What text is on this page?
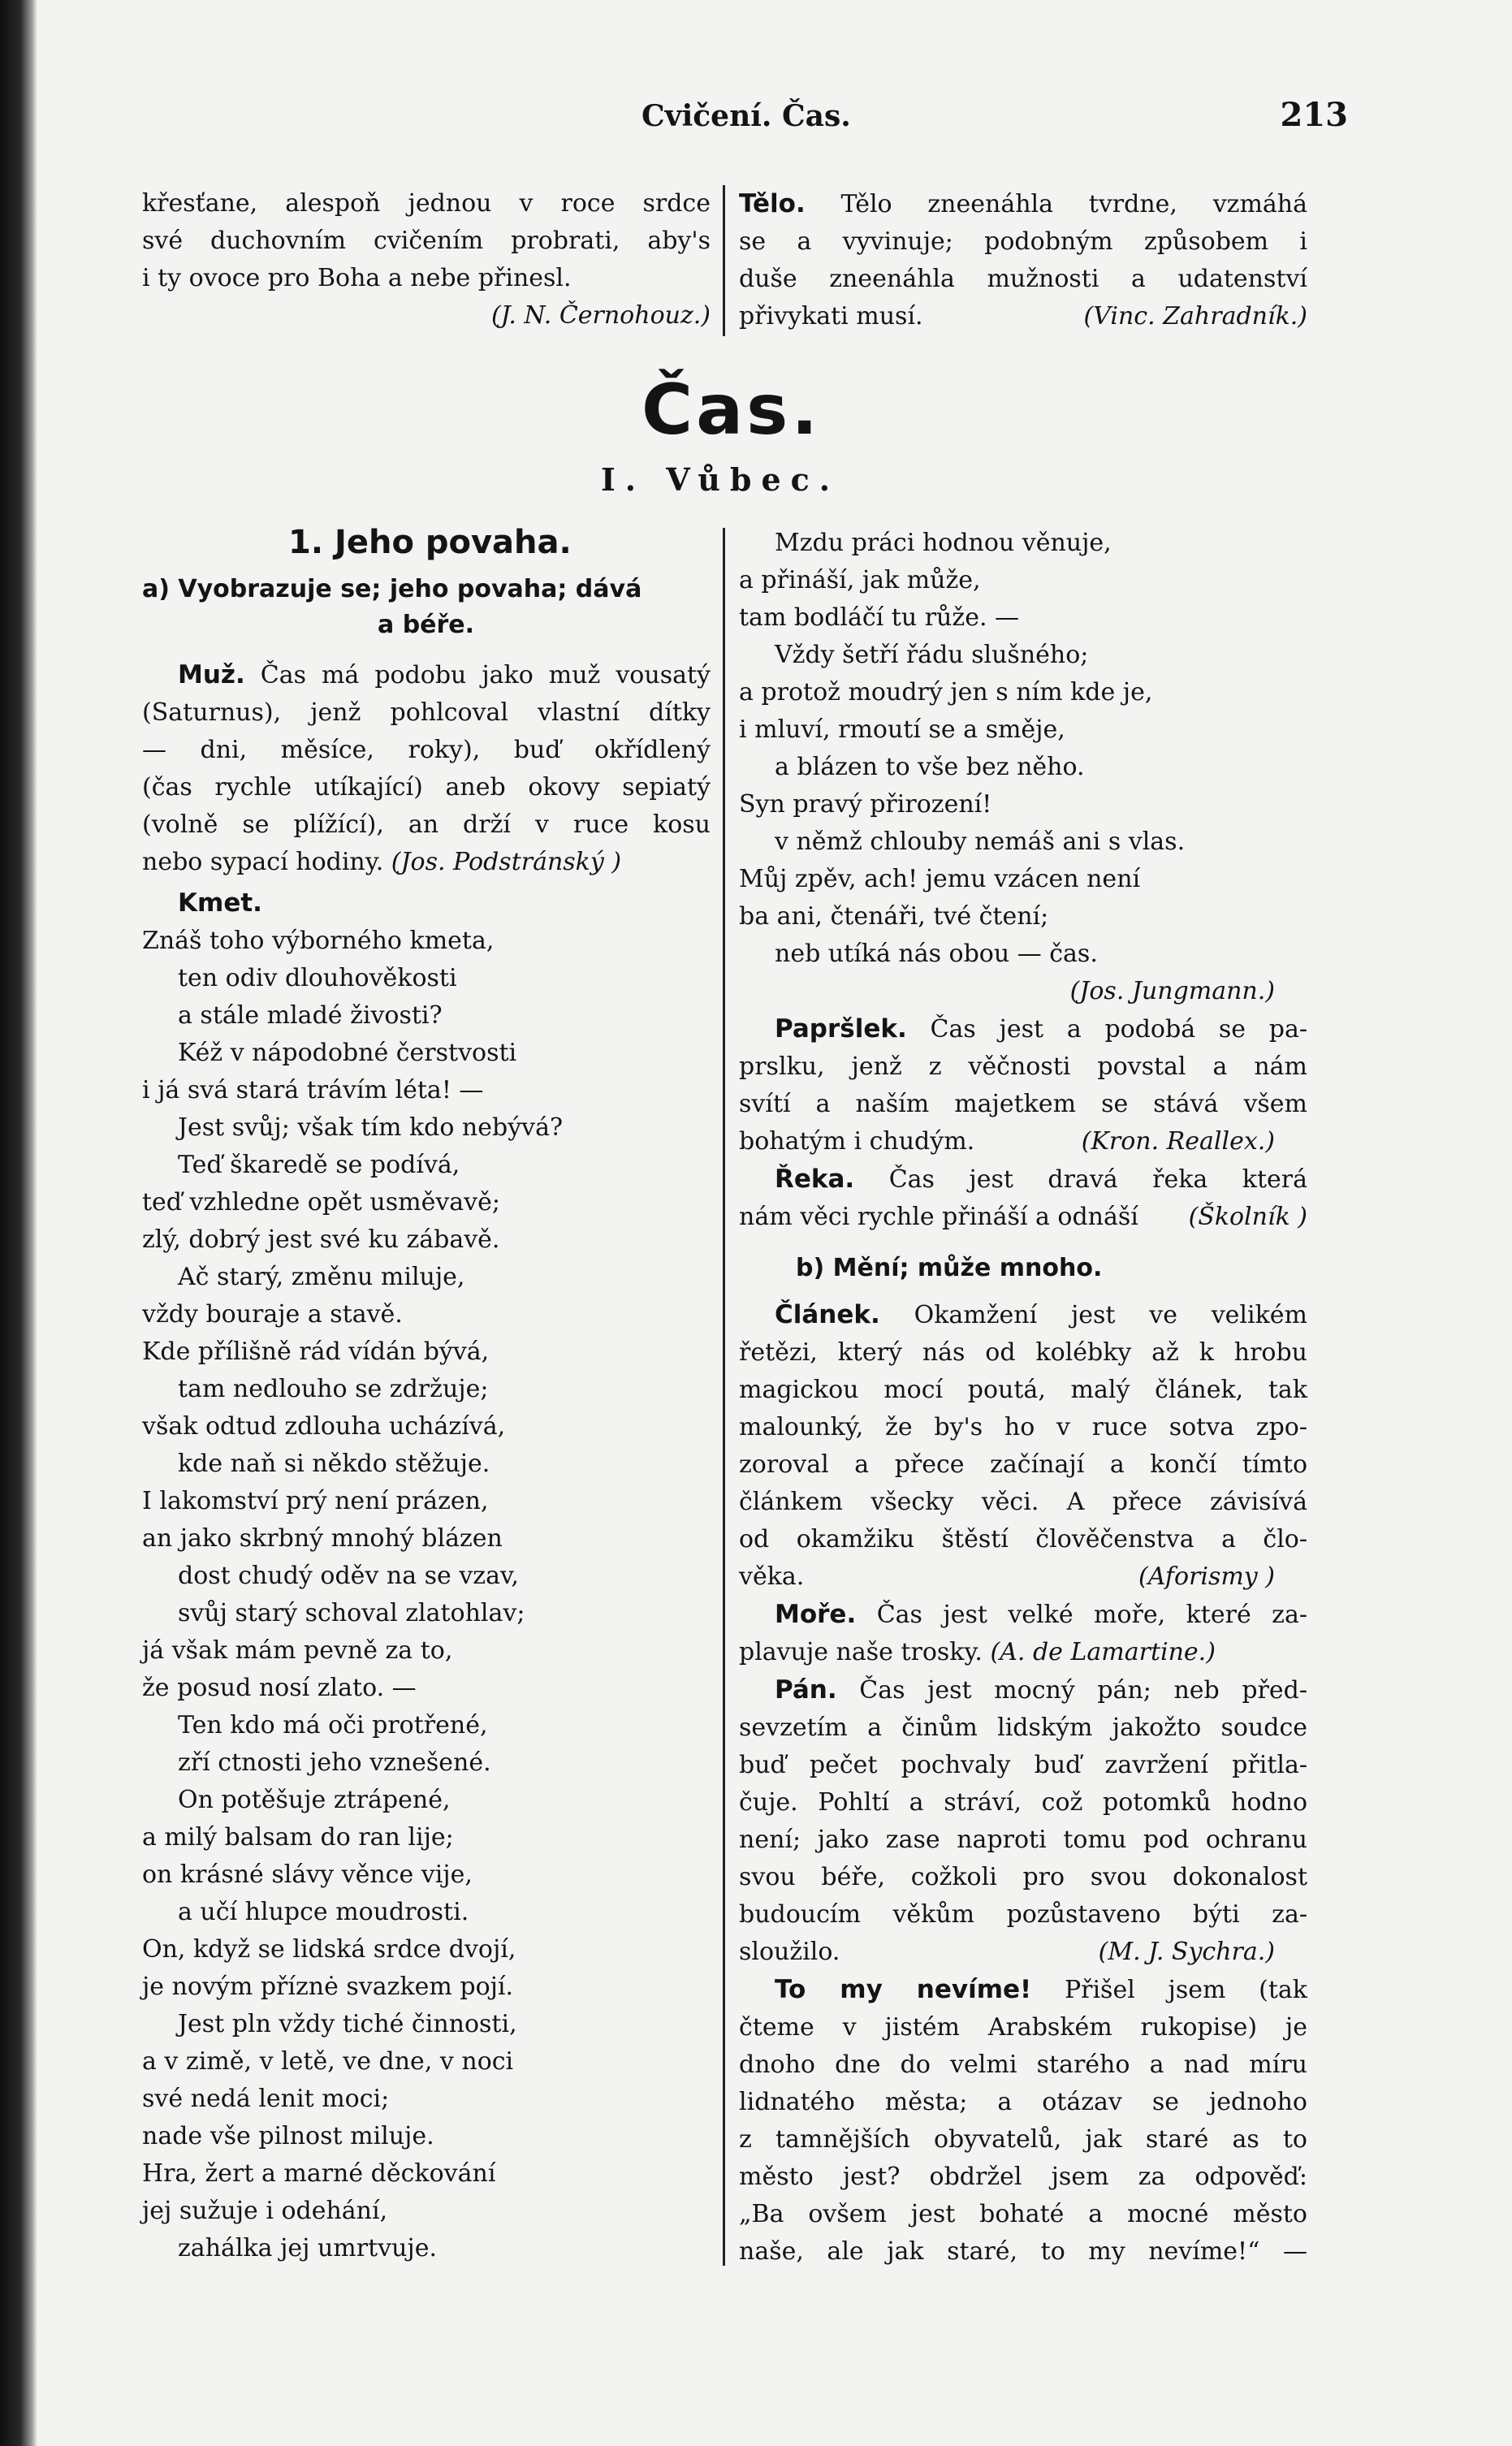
Cvičení. Čas.	213
křesťane, alespoň jednou v roce srdce
své duchovním cvičením probrati, aby's
i ty ovoce pro Boha a nebe přinesl.
(J. N. Černohouz.)
Tělo. Tělo zneenáhla tvrdne, vzmáhá
se a vyvinuje; podobným způsobem i
duše zneenáhla mužnosti a udatenství
přivykati musí.	(Vinc. Zahradník.)
Čas.
I. Vůbec.
1. Jeho povaha.
a) Vyobrazuje se; jeho povaha; dává
a béře.
Muž. Čas má podobu jako muž vousatý
(Saturnus), jenž pohlcoval vlastní dítky
— dni, měsíce, roky), buď okřídlený
(čas rychle utíkající) aneb okovy sepiatý
(volně se plížící), an drží v ruce kosu
nebo sypací hodiny. (Jos. Podstránský )
Kmet.
Znáš toho výborného kmeta,
ten odiv dlouhověkosti
a stále mladé živosti?
Kéž v nápodobné čerstvosti
i já svá stará trávím léta! —
Jest svůj; však tím kdo nebývá?
Teď škaredě se podívá,
teď vzhledne opět usměvavě;
zlý, dobrý jest své ku zábavě.
Ač starý, změnu miluje,
vždy bouraje a stavě.
Kde přílišně rád vídán bývá,
tam nedlouho se zdržuje;
však odtud zdlouha ucházívá,
kde naň si někdo stěžuje.
I lakomství prý není prázen,
an jako skrbný mnohý blázen
dost chudý oděv na se vzav,
svůj starý schoval zlatohlav;
já však mám pevně za to,
že posud nosí zlato. —
Ten kdo má oči protřené,
zří ctnosti jeho vznešené.
On potěšuje ztrápené,
a milý balsam do ran lije;
on krásné slávy věnce vije,
a učí hlupce moudrosti.
On, když se lidská srdce dvojí,
je novým příznė svazkem pojí.
Jest pln vždy tiché činnosti,
a v zimě, v letě, ve dne, v noci
své nedá lenit moci;
nade vše pilnost miluje.
Hra, žert a marné děckování
jej sužuje i odehání,
zahálka jej umrtvuje.
Mzdu práci hodnou věnuje,
a přináší, jak může,
tam bodláčí tu růže. —
Vždy šetří řádu slušného;
a protož moudrý jen s ním kde je,
i mluví, rmoutí se a směje,
a blázen to vše bez něho.
Syn pravý přirození!
v němž chlouby nemáš ani s vlas.
Můj zpěv, ach! jemu vzácen není
ba ani, čtenáři, tvé čtení;
neb utíká nás obou — čas.
(Jos. Jungmann.)
Papršlek. Čas jest a podobá se pa-
prslku, jenž z věčnosti povstal a nám
svítí a naším majetkem se stává všem
bohatým i chudým.	(Kron. Reallex.)
Řeka. Čas jest dravá řeka která
nám věci rychle přináší a odnáší (Školník )
b) Mění; může mnoho.
Článek. Okamžení jest ve velikém
řetězi, který nás od kolébky až k hrobu
magickou mocí poutá, malý článek, tak
malounký, že by's ho v ruce sotva zpo-
zoroval a přece začínají a končí tímto
článkem všecky věci. A přece závisívá
od okamžiku štěstí člověčenstva a člo-
věka.	(Aforismy )
Moře. Čas jest velké moře, které za-
plavuje naše trosky. (A. de Lamartine.)
Pán. Čas jest mocný pán; neb před-
sevzetím a činům lidským jakožto soudce
buď pečet pochvaly buď zavržení přitla-
čuje. Pohltí a stráví, což potomků hodno
není; jako zase naproti tomu pod ochranu
svou béře, cožkoli pro svou dokonalost
budoucím věkům pozůstaveno býti za-
sloužilo.	(M. J. Sychra.)
To my nevíme! Přišel jsem (tak
čteme v jistém Arabském rukopise) je
dnoho dne do velmi starého a nad míru
lidnatého města; a otázav se jednoho
z tamnějších obyvatelů, jak staré as to
město jest? obdržel jsem za odpověď:
„Ba ovšem jest bohaté a mocné město
naše, ale jak staré, to my nevíme!“ —
